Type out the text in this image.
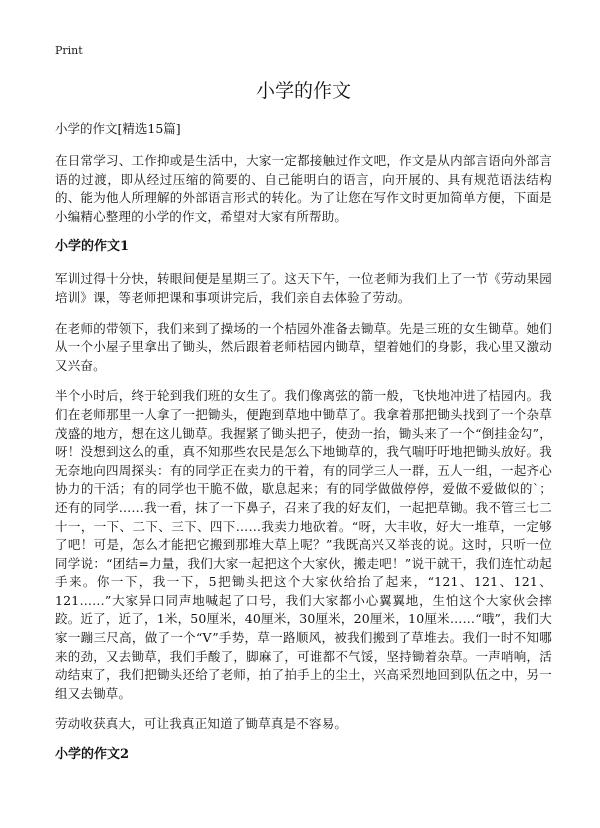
Print
小学的作文

小学的作文[精选15篇]

在日常学习、工作抑或是生活中，大家一定都接触过作文吧，作文是从内部言语向外部言语的过渡，即从经过压缩的简要的、自己能明白的语言，向开展的、具有规范语法结构的、能为他人所理解的外部语言形式的转化。为了让您在写作文时更加简单方便，下面是小编精心整理的小学的作文，希望对大家有所帮助。

小学的作文1

军训过得十分快，转眼间便是星期三了。这天下午，一位老师为我们上了一节《劳动果园培训》课，等老师把课和事项讲完后，我们亲自去体验了劳动。

在老师的带领下，我们来到了操场的一个桔园外准备去锄草。先是三班的女生锄草。她们从一个小屋子里拿出了锄头，然后跟着老师桔园内锄草，望着她们的身影，我心里又激动又兴奋。

半个小时后，终于轮到我们班的女生了。我们像离弦的箭一般，飞快地冲进了桔园内。我们在老师那里一人拿了一把锄头，便跑到草地中锄草了。我拿着那把锄头找到了一个杂草茂盛的地方，想在这儿锄草。我握紧了锄头把子，使劲一抬，锄头来了一个“倒挂金勾”，呀！没想到这么的重，真不知那些农民是怎么下地锄草的，我气喘吁吁地把锄头放好。我无奈地向四周探头：有的同学正在卖力的干着，有的同学三人一群，五人一组，一起齐心协力的干活；有的同学也干脆不做，歇息起来；有的同学做做停停，爱做不爱做似的`；还有的同学……我一看，抹了一下鼻子，召来了我的好友们，一起把草锄。我不管三七二十一，一下、二下、三下、四下……我卖力地砍着。“呀，大丰收，好大一堆草，一定够了吧！可是，怎么才能把它搬到那堆大草上呢？”我既高兴又举丧的说。这时，只听一位同学说：“团结=力量，我们大家一起把这个大家伙，搬走吧！”说干就干，我们连忙动起手来。你一下，我一下，5把锄头把这个大家伙给抬了起来，“121、121、121、121……”大家异口同声地喊起了口号，我们大家都小心翼翼地，生怕这个大家伙会摔跤。近了，近了，1米，50厘米，40厘米，30厘米，20厘米，10厘米……“哦”，我们大家一蹦三尺高，做了一个“V”手势，草一路顺风，被我们搬到了草堆去。我们一时不知哪来的劲，又去锄草，我们手酸了，脚麻了，可谁都不气馁，坚持锄着杂草。一声哨响，活动结束了，我们把锄头还给了老师，拍了拍手上的尘土，兴高采烈地回到队伍之中，另一组又去锄草。

劳动收获真大，可让我真正知道了锄草真是不容易。

小学的作文2
